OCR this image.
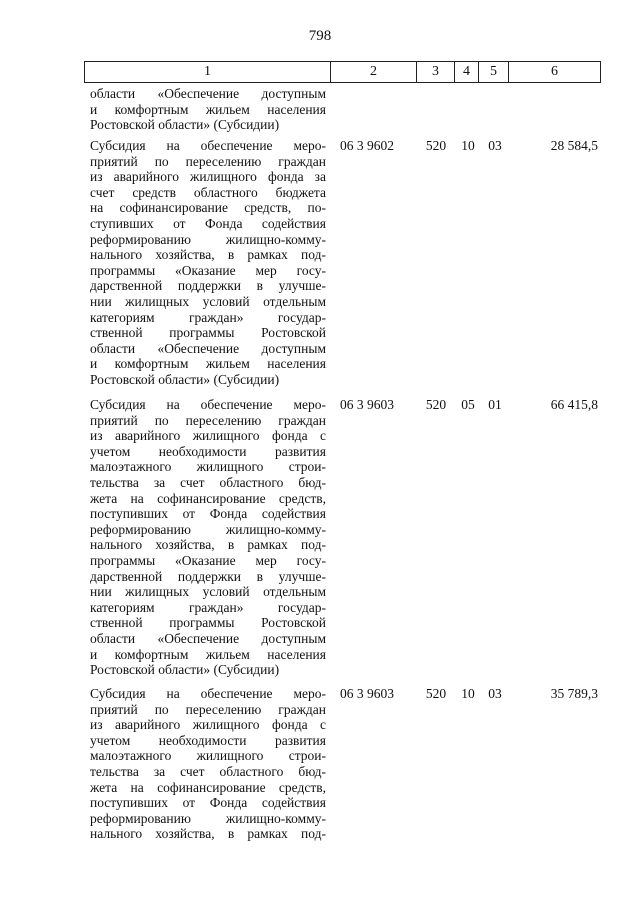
798
1	2	3	4	5	6
области «Обеспечение доступным
и комфортным жильем населения
Ростовской области» (Субсидии)
Субсидия на обеспечение меро-
приятий по переселению граждан
из аварийного жилищного фонда за
счет средств областного бюджета
на софинансирование средств, по-
ступивших от Фонда содействия
реформированию жилищно-комму-
нального хозяйства, в рамках под-
программы «Оказание мер госу-
дарственной поддержки в улучше-
нии жилищных условий отдельным
категориям граждан» государ-
ственной программы Ростовской
области «Обеспечение доступным
и комфортным жильем населения
Ростовской области» (Субсидии)
06 3 9602	520	10	03	28 584,5
Субсидия на обеспечение меро-
приятий по переселению граждан
из аварийного жилищного фонда с
учетом необходимости развития
малоэтажного жилищного строи-
тельства за счет областного бюд-
жета на софинансирование средств,
поступивших от Фонда содействия
реформированию жилищно-комму-
нального хозяйства, в рамках под-
программы «Оказание мер госу-
дарственной поддержки в улучше-
нии жилищных условий отдельным
категориям граждан» государ-
ственной программы Ростовской
области «Обеспечение доступным
и комфортным жильем населения
Ростовской области» (Субсидии)
06 3 9603	520	05	01	66 415,8
Субсидия на обеспечение меро-
приятий по переселению граждан
из аварийного жилищного фонда с
учетом необходимости развития
малоэтажного жилищного строи-
тельства за счет областного бюд-
жета на софинансирование средств,
поступивших от Фонда содействия
реформированию жилищно-комму-
нального хозяйства, в рамках под-
06 3 9603	520	10	03	35 789,3
